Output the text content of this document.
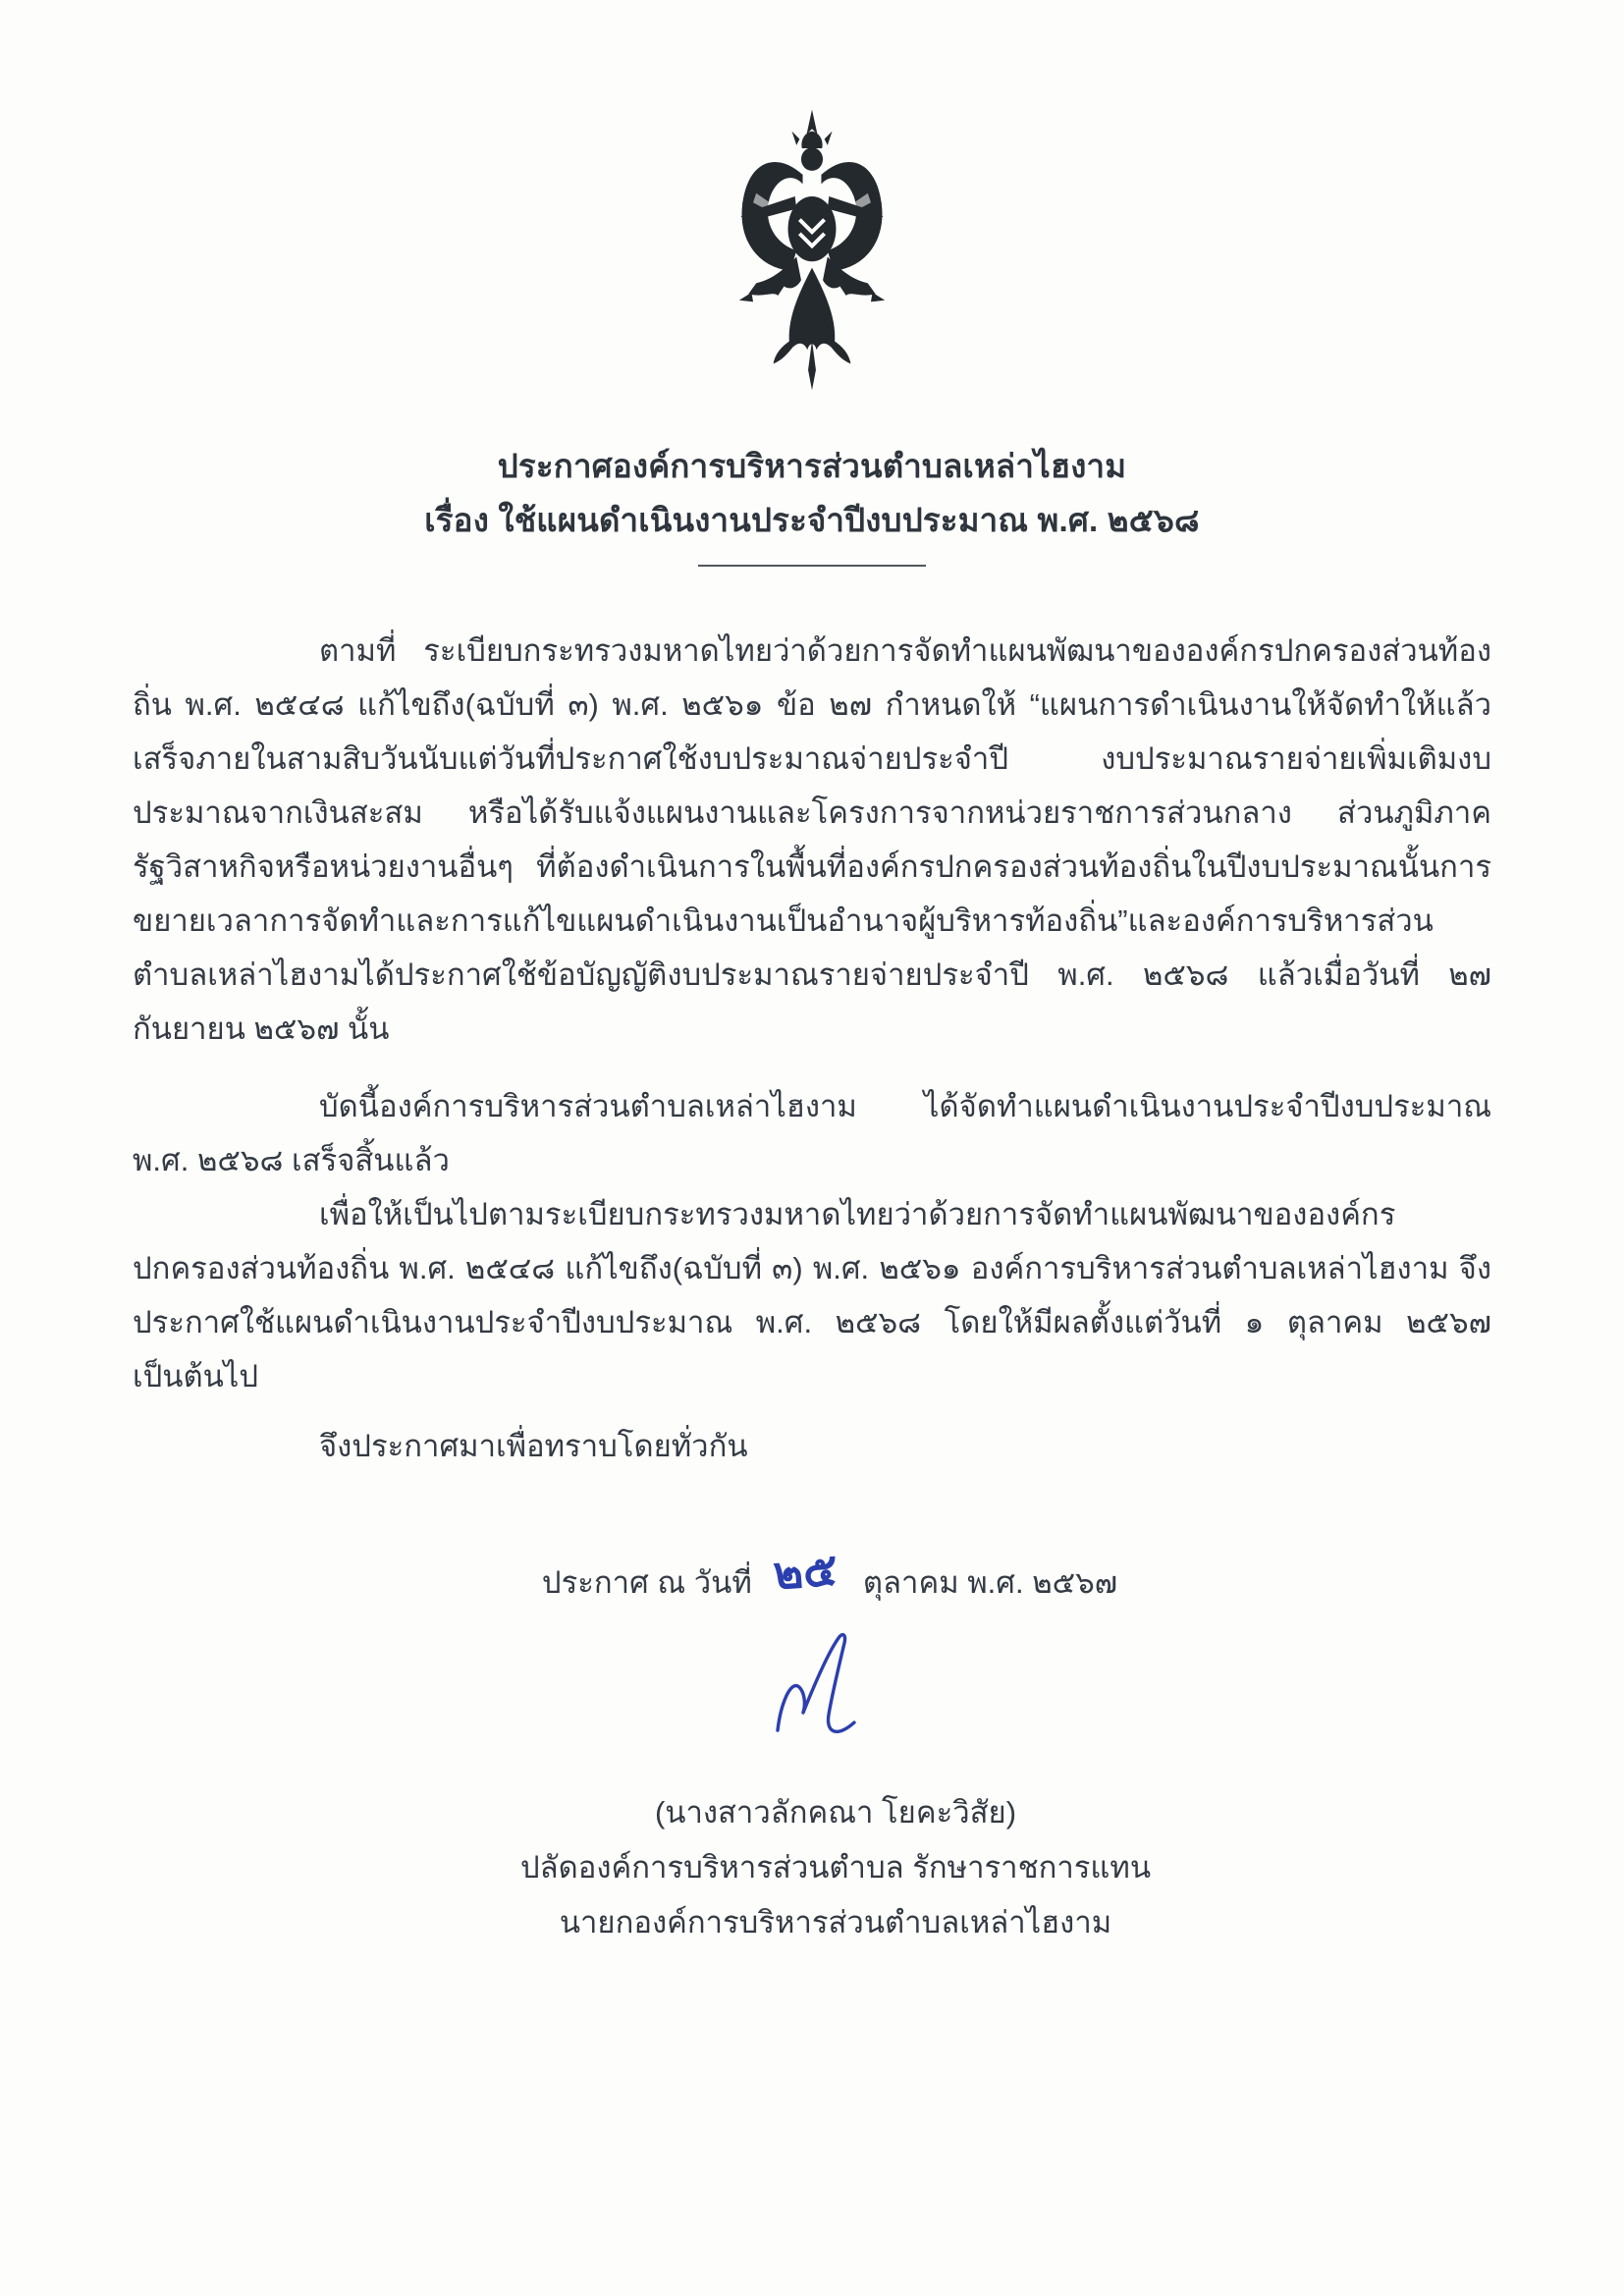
ประกาศองค์การบริหารส่วนตำบลเหล่าไฮงาม
เรื่อง ใช้แผนดำเนินงานประจำปีงบประมาณ พ.ศ. ๒๕๖๘

ตามที่ ระเบียบกระทรวงมหาดไทยว่าด้วยการจัดทำแผนพัฒนาขององค์กรปกครองส่วนท้องถิ่น พ.ศ. ๒๕๔๘ แก้ไขถึง(ฉบับที่ ๓) พ.ศ. ๒๕๖๑ ข้อ ๒๗ กำหนดให้ “แผนการดำเนินงานให้จัดทำให้แล้วเสร็จภายในสามสิบวันนับแต่วันที่ประกาศใช้งบประมาณจ่ายประจำปี งบประมาณรายจ่ายเพิ่มเติมงบประมาณจากเงินสะสม หรือได้รับแจ้งแผนงานและโครงการจากหน่วยราชการส่วนกลาง ส่วนภูมิภาครัฐวิสาหกิจหรือหน่วยงานอื่นๆ ที่ต้องดำเนินการในพื้นที่องค์กรปกครองส่วนท้องถิ่นในปีงบประมาณนั้นการขยายเวลาการจัดทำและการแก้ไขแผนดำเนินงานเป็นอำนาจผู้บริหารท้องถิ่น”และองค์การบริหารส่วนตำบลเหล่าไฮงามได้ประกาศใช้ข้อบัญญัติงบประมาณรายจ่ายประจำปี พ.ศ. ๒๕๖๘ แล้วเมื่อวันที่ ๒๗ กันยายน ๒๕๖๗ นั้น

บัดนี้องค์การบริหารส่วนตำบลเหล่าไฮงาม ได้จัดทำแผนดำเนินงานประจำปีงบประมาณ พ.ศ. ๒๕๖๘ เสร็จสิ้นแล้ว

เพื่อให้เป็นไปตามระเบียบกระทรวงมหาดไทยว่าด้วยการจัดทำแผนพัฒนาขององค์กรปกครองส่วนท้องถิ่น พ.ศ. ๒๕๔๘ แก้ไขถึง(ฉบับที่ ๓) พ.ศ. ๒๕๖๑ องค์การบริหารส่วนตำบลเหล่าไฮงาม จึงประกาศใช้แผนดำเนินงานประจำปีงบประมาณ พ.ศ. ๒๕๖๘ โดยให้มีผลตั้งแต่วันที่ ๑ ตุลาคม ๒๕๖๗ เป็นต้นไป

จึงประกาศมาเพื่อทราบโดยทั่วกัน

ประกาศ ณ วันที่ ๒๕ ตุลาคม พ.ศ. ๒๕๖๗
(นางสาวลักคณา โยคะวิสัย)
ปลัดองค์การบริหารส่วนตำบล รักษาราชการแทน
นายกองค์การบริหารส่วนตำบลเหล่าไฮงาม
